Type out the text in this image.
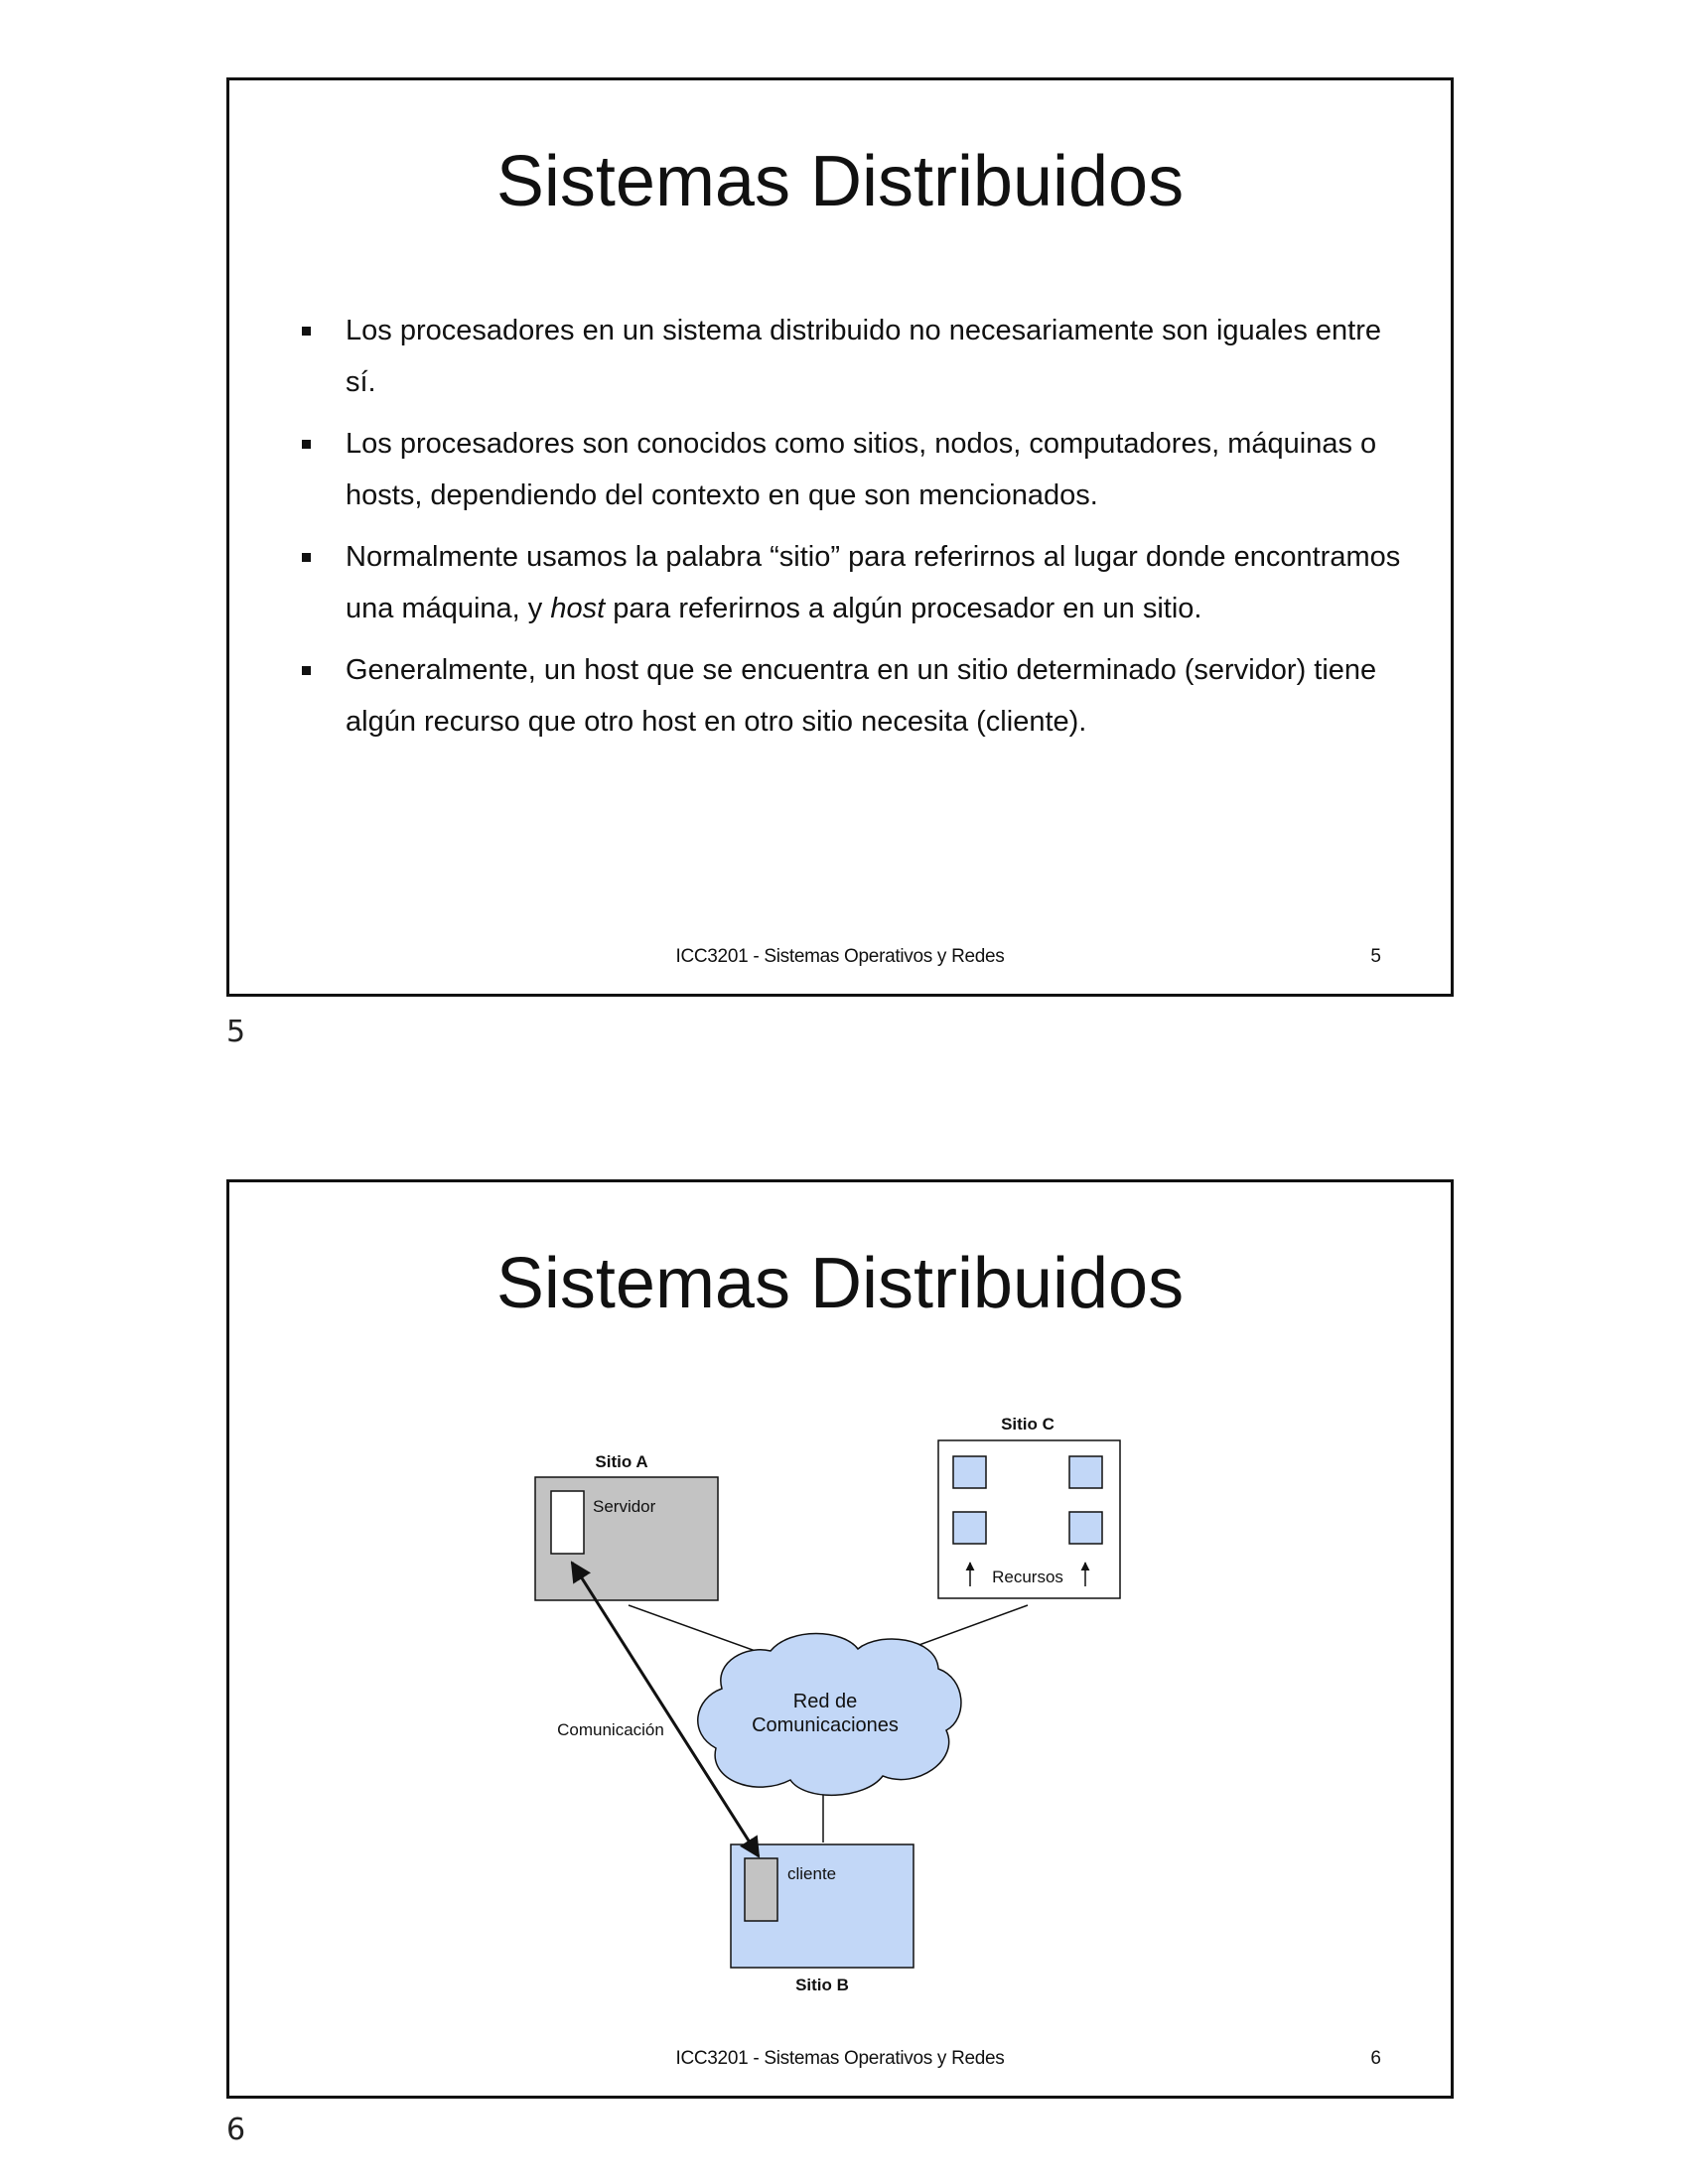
Sistemas Distribuidos
Los procesadores en un sistema distribuido no necesariamente son iguales entre sí.
Los procesadores son conocidos como sitios, nodos, computadores, máquinas o hosts, dependiendo del contexto en que son mencionados.
Normalmente usamos la palabra “sitio” para referirnos al lugar donde encontramos una máquina, y host para referirnos a algún procesador en un sitio.
Generalmente, un host que se encuentra en un sitio determinado (servidor) tiene algún recurso que otro host en otro sitio necesita (cliente).
ICC3201 - Sistemas Operativos y Redes	5
5
Sistemas Distribuidos
Sitio A
Servidor
Sitio C
Recursos
Red de
Comunicaciones
cliente
Sitio B
Comunicación
ICC3201 - Sistemas Operativos y Redes	6
6
